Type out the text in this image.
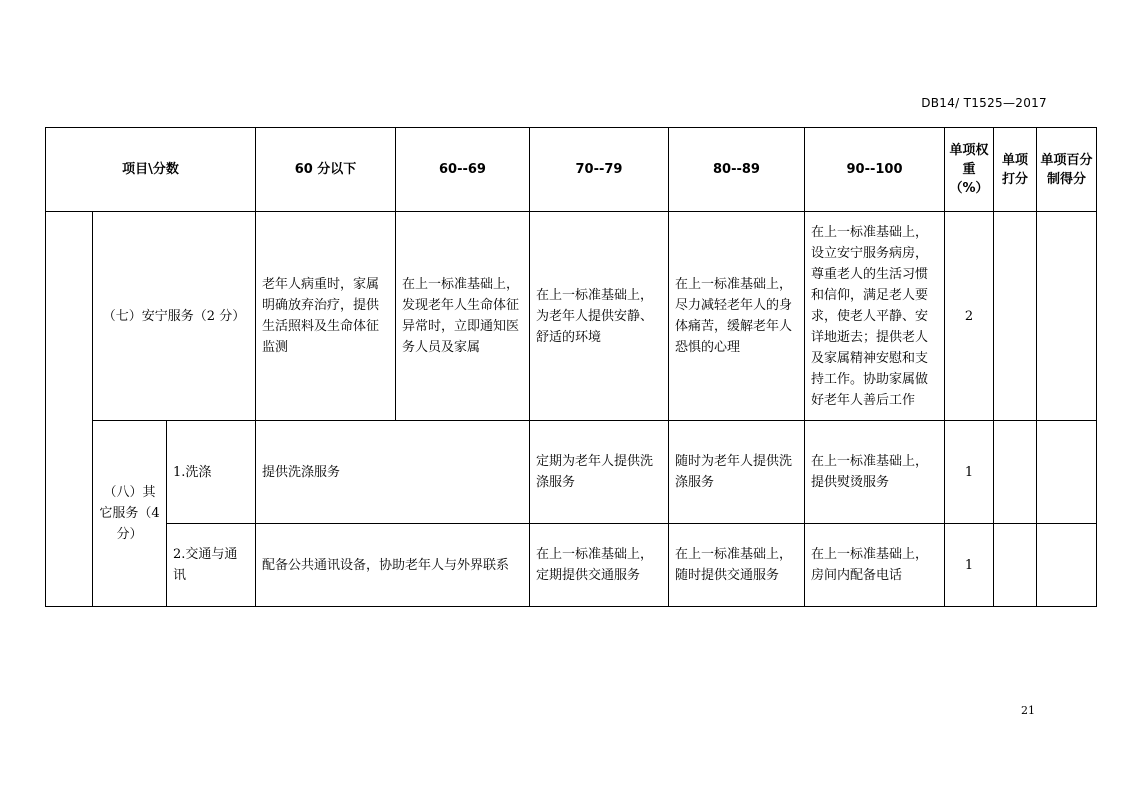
DB14/ T1525—2017
项目\分数			60 分以下	60--69	70--79	80--89	90--100	单项权重（%）	单项打分	单项百分制得分
	（七）安宁服务（2 分）		老年人病重时，家属明确放弃治疗，提供生活照料及生命体征监测	在上一标准基础上，发现老年人生命体征异常时，立即通知医务人员及家属	在上一标准基础上，为老年人提供安静、舒适的环境	在上一标准基础上，尽力减轻老年人的身体痛苦，缓解老年人恐惧的心理	在上一标准基础上，设立安宁服务病房，尊重老人的生活习惯和信仰，满足老人要求，使老人平静、安详地逝去；提供老人及家属精神安慰和支持工作。协助家属做好老年人善后工作	2		
	（八）其它服务（4 分）	1.洗涤	提供洗涤服务		定期为老年人提供洗涤服务	随时为老年人提供洗涤服务	在上一标准基础上，提供熨烫服务	1		
		2.交通与通讯	配备公共通讯设备，协助老年人与外界联系		在上一标准基础上，定期提供交通服务	在上一标准基础上，随时提供交通服务	在上一标准基础上，房间内配备电话	1		
21
